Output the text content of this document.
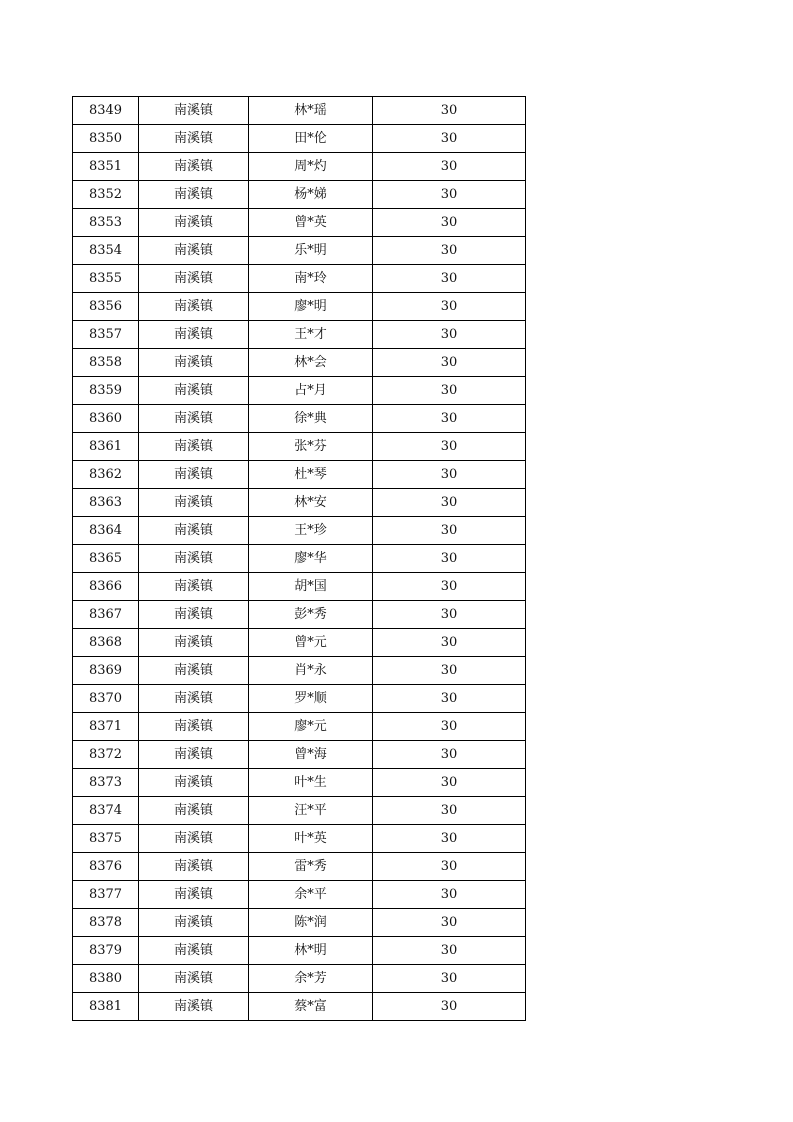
8349	南溪镇	林*瑶	30
8350	南溪镇	田*伦	30
8351	南溪镇	周*灼	30
8352	南溪镇	杨*娣	30
8353	南溪镇	曾*英	30
8354	南溪镇	乐*明	30
8355	南溪镇	南*玲	30
8356	南溪镇	廖*明	30
8357	南溪镇	王*才	30
8358	南溪镇	林*会	30
8359	南溪镇	占*月	30
8360	南溪镇	徐*典	30
8361	南溪镇	张*芬	30
8362	南溪镇	杜*琴	30
8363	南溪镇	林*安	30
8364	南溪镇	王*珍	30
8365	南溪镇	廖*华	30
8366	南溪镇	胡*国	30
8367	南溪镇	彭*秀	30
8368	南溪镇	曾*元	30
8369	南溪镇	肖*永	30
8370	南溪镇	罗*顺	30
8371	南溪镇	廖*元	30
8372	南溪镇	曾*海	30
8373	南溪镇	叶*生	30
8374	南溪镇	汪*平	30
8375	南溪镇	叶*英	30
8376	南溪镇	雷*秀	30
8377	南溪镇	余*平	30
8378	南溪镇	陈*润	30
8379	南溪镇	林*明	30
8380	南溪镇	余*芳	30
8381	南溪镇	蔡*富	30
